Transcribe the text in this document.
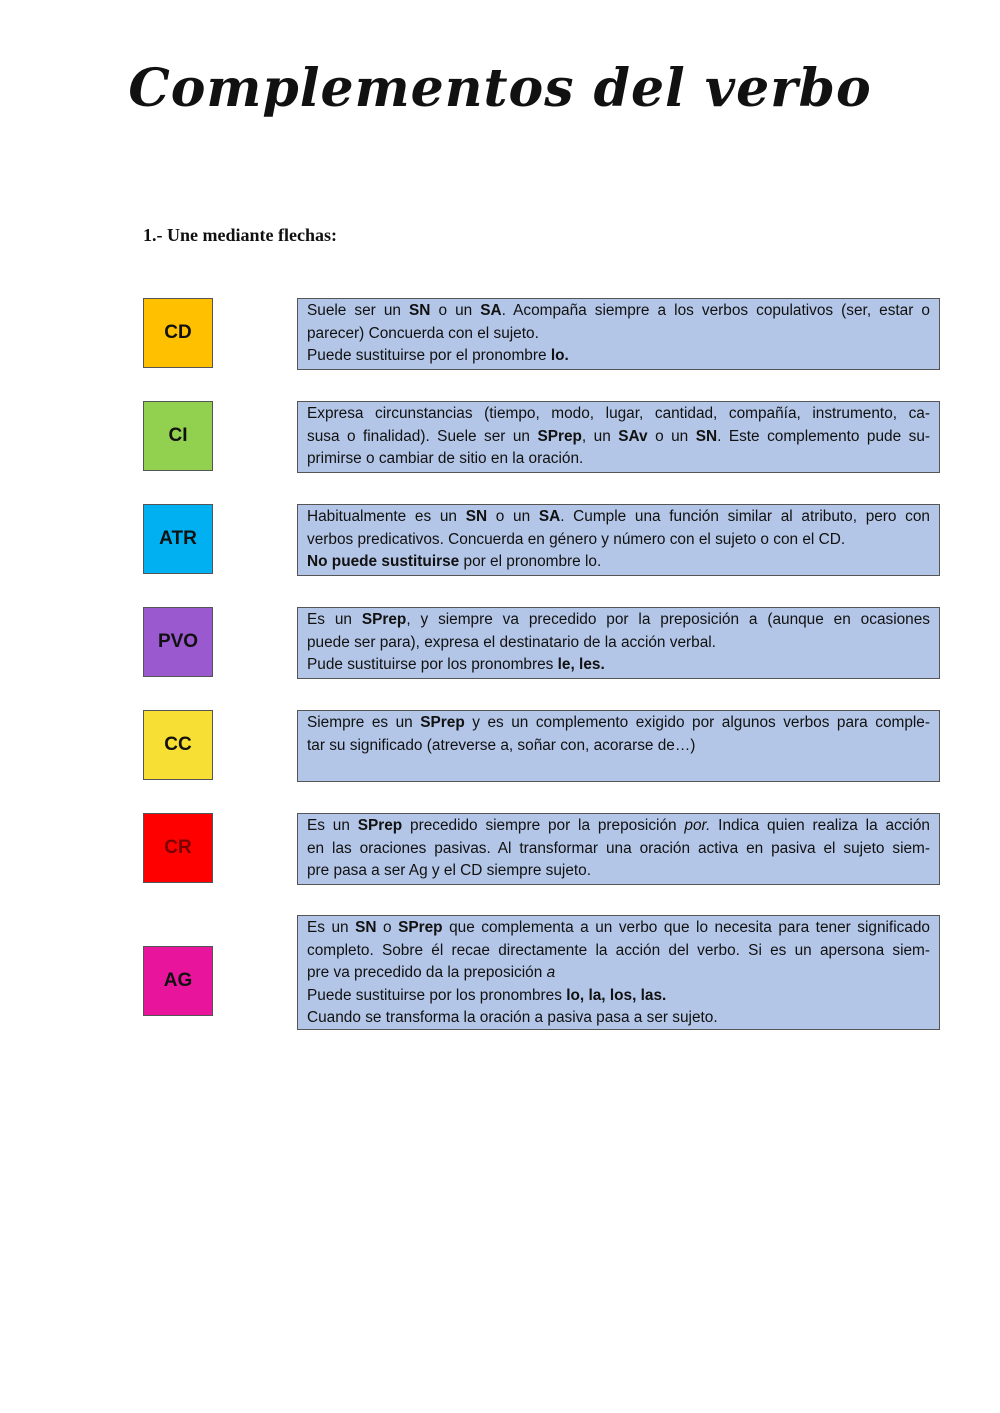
Complementos del verbo
1.- Une mediante flechas:
CD
CI
ATR
PVO
CC
CR
AG
Suele ser un SN o un SA. Acompaña siempre a los verbos copulativos (ser, estar o
parecer) Concuerda con el sujeto.
Puede sustituirse por el pronombre lo.
Expresa circunstancias (tiempo, modo, lugar, cantidad, compañía, instrumento, ca-
susa o finalidad). Suele ser un SPrep, un SAv o un SN. Este complemento pude su-
primirse o cambiar de sitio en la oración.
Habitualmente es un SN o un SA. Cumple una función similar al atributo, pero con
verbos predicativos. Concuerda en género y número con el sujeto o con el CD.
No puede sustituirse por el pronombre lo.
Es un SPrep, y siempre va precedido por la preposición a (aunque en ocasiones
puede ser para), expresa el destinatario de la acción verbal.
Pude sustituirse por los pronombres le, les.
Siempre es un SPrep y es un complemento exigido por algunos verbos para comple-
tar su significado (atreverse a, soñar con, acorarse de…)
Es un SPrep precedido siempre por la preposición por. Indica quien realiza la acción
en las oraciones pasivas. Al transformar una oración activa en pasiva el sujeto siem-
pre pasa a ser Ag y el CD siempre sujeto.
Es un SN o SPrep que complementa a un verbo que lo necesita para tener significado
completo. Sobre él recae directamente la acción del verbo. Si es un apersona siem-
pre va precedido da la preposición a
Puede sustituirse por los pronombres lo, la, los, las.
Cuando se transforma la oración a pasiva pasa a ser sujeto.
